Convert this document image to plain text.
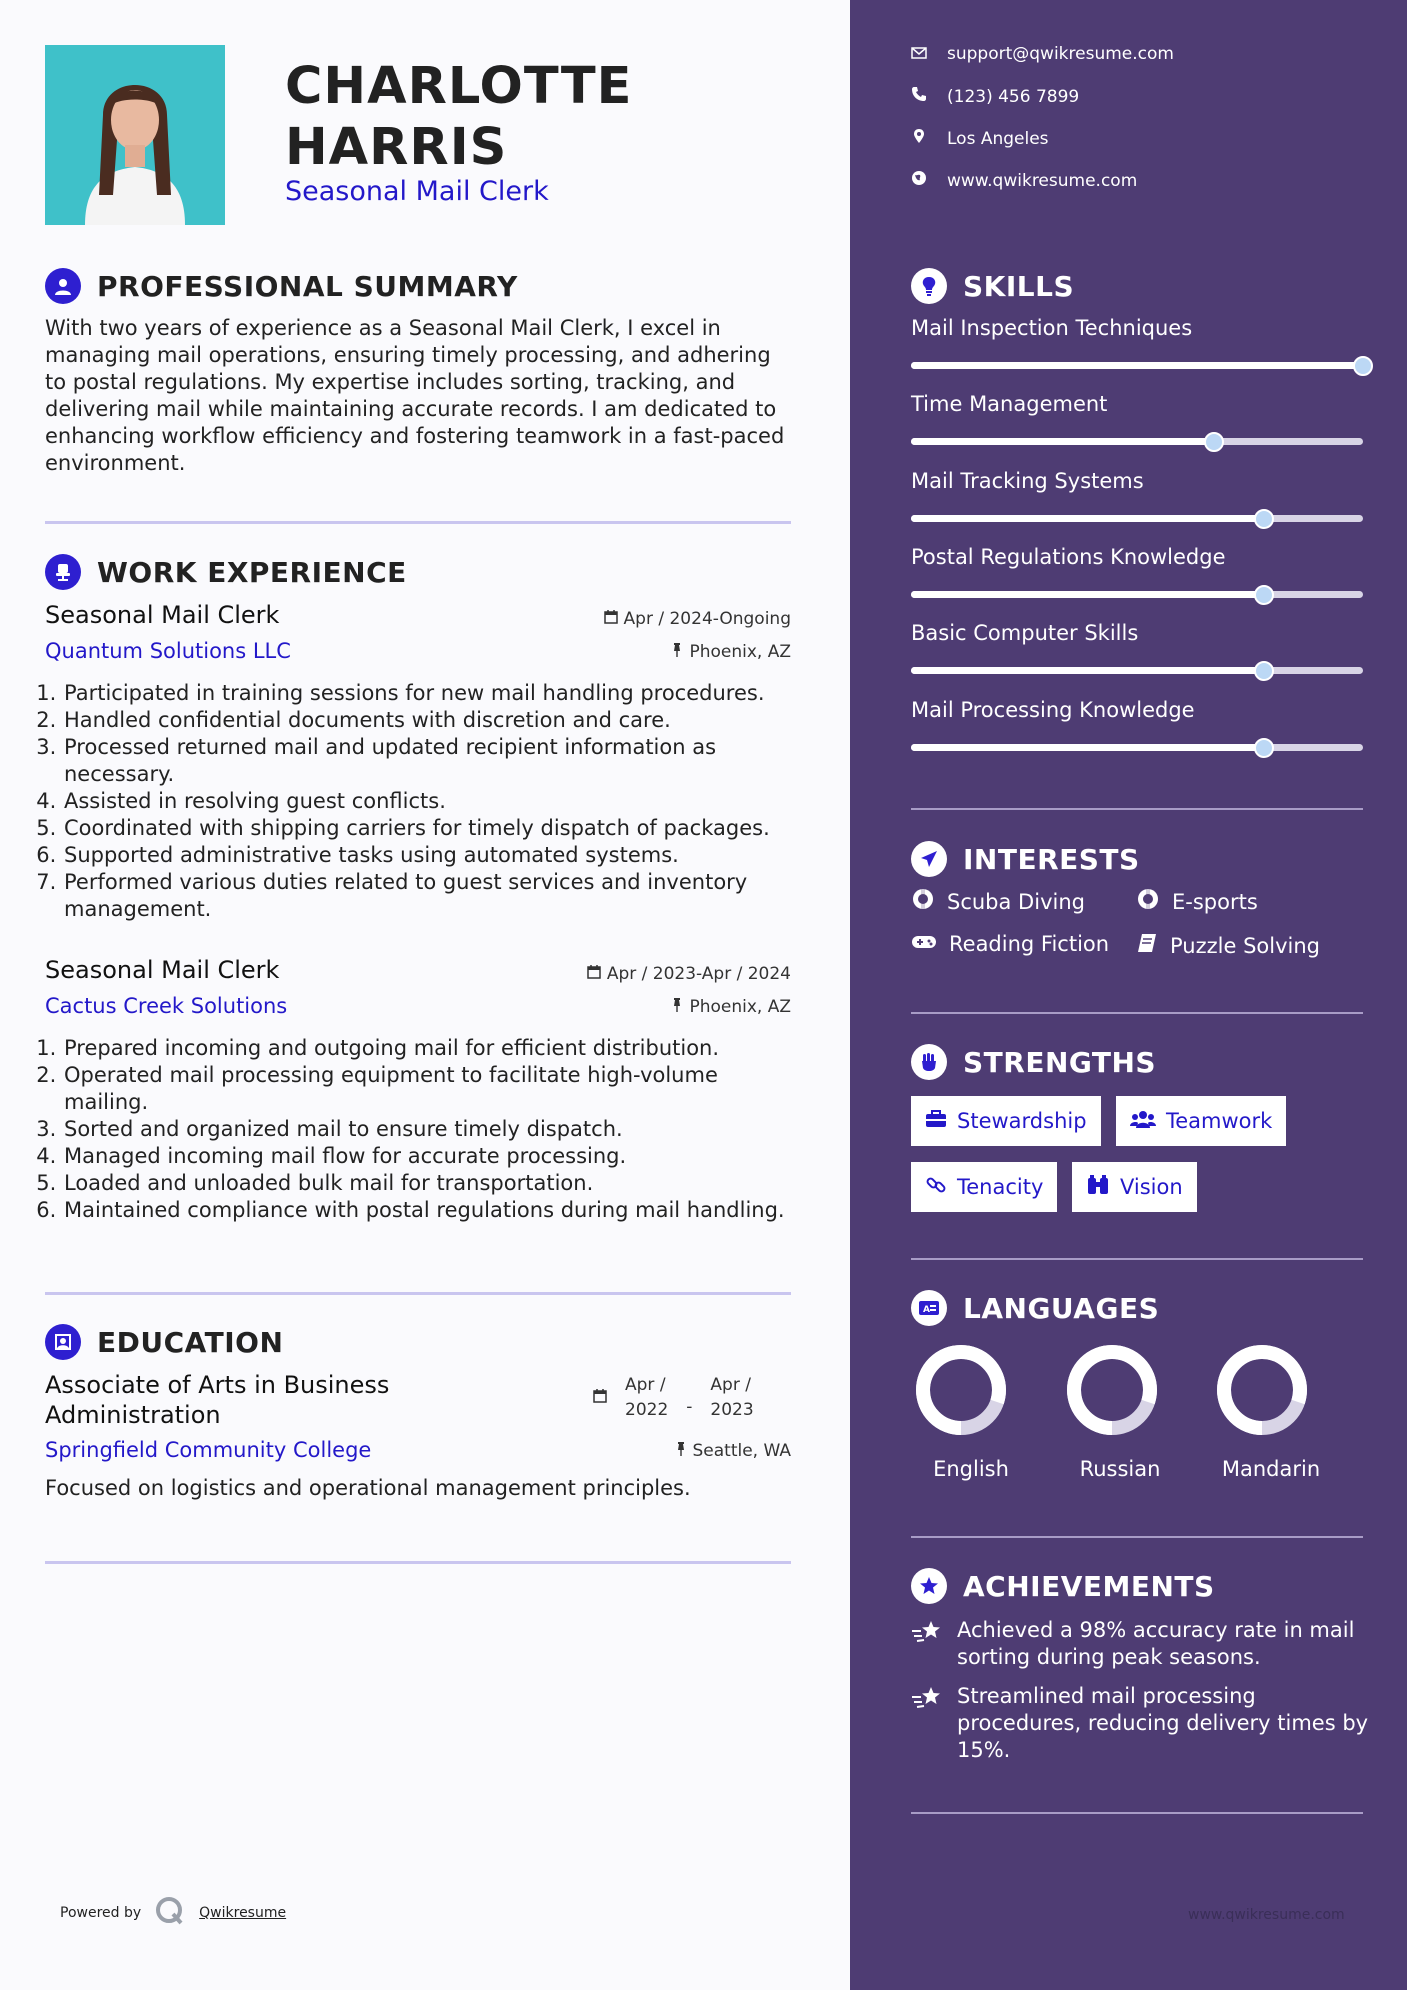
CHARLOTTE
HARRIS
Seasonal Mail Clerk
PROFESSIONAL SUMMARY
With two years of experience as a Seasonal Mail Clerk, I excel in
managing mail operations, ensuring timely processing, and adhering
to postal regulations. My expertise includes sorting, tracking, and
delivering mail while maintaining accurate records. I am dedicated to
enhancing workflow efficiency and fostering teamwork in a fast-paced
environment.
WORK EXPERIENCE
Seasonal Mail Clerk	Apr / 2024-Ongoing
Quantum Solutions LLC	Phoenix, AZ
1. Participated in training sessions for new mail handling procedures.
2. Handled confidential documents with discretion and care.
3. Processed returned mail and updated recipient information as necessary.
4. Assisted in resolving guest conflicts.
5. Coordinated with shipping carriers for timely dispatch of packages.
6. Supported administrative tasks using automated systems.
7. Performed various duties related to guest services and inventory management.
Seasonal Mail Clerk	Apr / 2023-Apr / 2024
Cactus Creek Solutions	Phoenix, AZ
1. Prepared incoming and outgoing mail for efficient distribution.
2. Operated mail processing equipment to facilitate high-volume mailing.
3. Sorted and organized mail to ensure timely dispatch.
4. Managed incoming mail flow for accurate processing.
5. Loaded and unloaded bulk mail for transportation.
6. Maintained compliance with postal regulations during mail handling.
EDUCATION
Associate of Arts in Business
Administration
Apr /
2022 -
Apr /
2023
Springfield Community College	Seattle, WA
Focused on logistics and operational management principles.
Powered by	Qwikresume
support@qwikresume.com
(123) 456 7899
Los Angeles
www.qwikresume.com
SKILLS
Mail Inspection Techniques
Time Management
Mail Tracking Systems
Postal Regulations Knowledge
Basic Computer Skills
Mail Processing Knowledge
INTERESTS
Scuba Diving	E-sports
Reading Fiction	Puzzle Solving
STRENGTHS
Stewardship	Teamwork
Tenacity	Vision
A LANGUAGES
English	Russian	Mandarin
ACHIEVEMENTS
Achieved a 98% accuracy rate in mail
sorting during peak seasons.
Streamlined mail processing
procedures, reducing delivery times by
15%.
www.qwikresume.com
